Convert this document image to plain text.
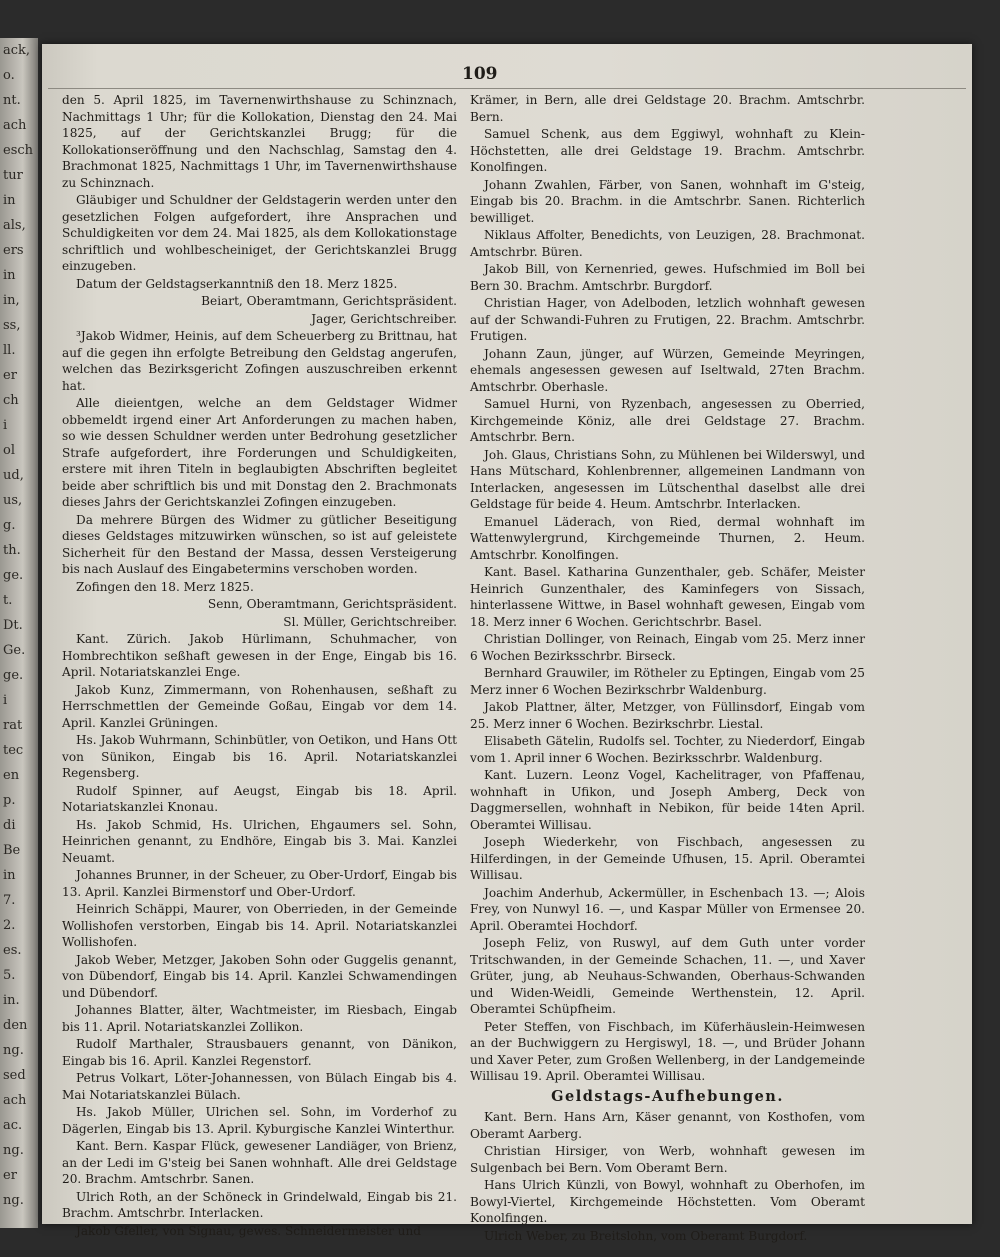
ack,
o.
nt.
ach
esch
tur
in
als,
ers
in
in,
ss,
ll.
er
ch
i
ol
ud,
us,
g.
th.
ge.
t.
Dt.
Ge.
ge.
i
rat
tec
en
p.
di
Be
in
7.
2.
es.
5.
in.
den
ng.
sed
ach
ac.
ng.
er
ng.
109

den 5. April 1825, im Tavernenwirthshause zu Schinznach, Nachmittags 1 Uhr; für die Kollokation, Dienstag den 24. Mai 1825, auf der Gerichtskanzlei Brugg; für die Kollokationseröffnung und den Nachschlag, Samstag den 4. Brachmonat 1825, Nachmittags 1 Uhr, im Tavernenwirthshause zu Schinznach.

Gläubiger und Schuldner der Geldstagerin werden unter den gesetzlichen Folgen aufgefordert, ihre Ansprachen und Schuldigkeiten vor dem 24. Mai 1825, als dem Kollokationstage schriftlich und wohlbescheiniget, der Gerichtskanzlei Brugg einzugeben.

Datum der Geldstagserkanntniß den 18. Merz 1825.

Beiart, Oberamtmann, Gerichtspräsident.

Jager, Gerichtschreiber.

³Jakob Widmer, Heinis, auf dem Scheuerberg zu Brittnau, hat auf die gegen ihn erfolgte Betreibung den Geldstag angerufen, welchen das Bezirksgericht Zofingen auszuschreiben erkennt hat.

Alle dieientgen, welche an dem Geldstager Widmer obbemeldt irgend einer Art Anforderungen zu machen haben, so wie dessen Schuldner werden unter Bedrohung gesetzlicher Strafe aufgefordert, ihre Forderungen und Schuldigkeiten, erstere mit ihren Titeln in beglaubigten Abschriften begleitet beide aber schriftlich bis und mit Donstag den 2. Brachmonats dieses Jahrs der Gerichtskanzlei Zofingen einzugeben.

Da mehrere Bürgen des Widmer zu gütlicher Beseitigung dieses Geldstages mitzuwirken wünschen, so ist auf geleistete Sicherheit für den Bestand der Massa, dessen Versteigerung bis nach Auslauf des Eingabetermins verschoben worden.

Zofingen den 18. Merz 1825.

Senn, Oberamtmann, Gerichtspräsident.

Sl. Müller, Gerichtschreiber.

Kant. Zürich. Jakob Hürlimann, Schuhmacher, von Hombrechtikon seßhaft gewesen in der Enge, Eingab bis 16. April. Notariatskanzlei Enge.

Jakob Kunz, Zimmermann, von Rohenhausen, seßhaft zu Herrschmettlen der Gemeinde Goßau, Eingab vor dem 14. April. Kanzlei Grüningen.

Hs. Jakob Wuhrmann, Schinbütler, von Oetikon, und Hans Ott von Sünikon, Eingab bis 16. April. Notariatskanzlei Regensberg.

Rudolf Spinner, auf Aeugst, Eingab bis 18. April. Notariatskanzlei Knonau.

Hs. Jakob Schmid, Hs. Ulrichen, Ehgaumers sel. Sohn, Heinrichen genannt, zu Endhöre, Eingab bis 3. Mai. Kanzlei Neuamt.

Johannes Brunner, in der Scheuer, zu Ober-Urdorf, Eingab bis 13. April. Kanzlei Birmenstorf und Ober-Urdorf.

Heinrich Schäppi, Maurer, von Oberrieden, in der Gemeinde Wollishofen verstorben, Eingab bis 14. April. Notariatskanzlei Wollishofen.

Jakob Weber, Metzger, Jakoben Sohn oder Guggelis genannt, von Dübendorf, Eingab bis 14. April. Kanzlei Schwamendingen und Dübendorf.

Johannes Blatter, älter, Wachtmeister, im Riesbach, Eingab bis 11. April. Notariatskanzlei Zollikon.

Rudolf Marthaler, Strausbauers genannt, von Dänikon, Eingab bis 16. April. Kanzlei Regenstorf.

Petrus Volkart, Löter-Johannessen, von Bülach Eingab bis 4. Mai Notariatskanzlei Bülach.

Hs. Jakob Müller, Ulrichen sel. Sohn, im Vorderhof zu Dägerlen, Eingab bis 13. April. Kyburgische Kanzlei Winterthur.

Kant. Bern. Kaspar Flück, gewesener Landiäger, von Brienz, an der Ledi im G'steig bei Sanen wohnhaft. Alle drei Geldstage 20. Brachm. Amtschrbr. Sanen.

Ulrich Roth, an der Schöneck in Grindelwald, Eingab bis 21. Brachm. Amtschrbr. Interlacken.

Jakob Gfeller, von Signau, gewes. Schneidermeister und

Krämer, in Bern, alle drei Geldstage 20. Brachm. Amtschrbr. Bern.

Samuel Schenk, aus dem Eggiwyl, wohnhaft zu Klein-Höchstetten, alle drei Geldstage 19. Brachm. Amtschrbr. Konolfingen.

Johann Zwahlen, Färber, von Sanen, wohnhaft im G'steig, Eingab bis 20. Brachm. in die Amtschrbr. Sanen. Richterlich bewilliget.

Niklaus Affolter, Benedichts, von Leuzigen, 28. Brachmonat. Amtschrbr. Büren.

Jakob Bill, von Kernenried, gewes. Hufschmied im Boll bei Bern 30. Brachm. Amtschrbr. Burgdorf.

Christian Hager, von Adelboden, letzlich wohnhaft gewesen auf der Schwandi-Fuhren zu Frutigen, 22. Brachm. Amtschrbr. Frutigen.

Johann Zaun, jünger, auf Würzen, Gemeinde Meyringen, ehemals angesessen gewesen auf Iseltwald, 27ten Brachm. Amtschrbr. Oberhasle.

Samuel Hurni, von Ryzenbach, angesessen zu Oberried, Kirchgemeinde Köniz, alle drei Geldstage 27. Brachm. Amtschrbr. Bern.

Joh. Glaus, Christians Sohn, zu Mühlenen bei Wilderswyl, und Hans Mütschard, Kohlenbrenner, allgemeinen Landmann von Interlacken, angesessen im Lütschenthal daselbst alle drei Geldstage für beide 4. Heum. Amtschrbr. Interlacken.

Emanuel Läderach, von Ried, dermal wohnhaft im Wattenwylergrund, Kirchgemeinde Thurnen, 2. Heum. Amtschrbr. Konolfingen.

Kant. Basel. Katharina Gunzenthaler, geb. Schäfer, Meister Heinrich Gunzenthaler, des Kaminfegers von Sissach, hinterlassene Wittwe, in Basel wohnhaft gewesen, Eingab vom 18. Merz inner 6 Wochen. Gerichtschrbr. Basel.

Christian Dollinger, von Reinach, Eingab vom 25. Merz inner 6 Wochen Bezirksschrbr. Birseck.

Bernhard Grauwiler, im Rötheler zu Eptingen, Eingab vom 25 Merz inner 6 Wochen Bezirkschrbr Waldenburg.

Jakob Plattner, älter, Metzger, von Füllinsdorf, Eingab vom 25. Merz inner 6 Wochen. Bezirkschrbr. Liestal.

Elisabeth Gätelin, Rudolfs sel. Tochter, zu Niederdorf, Eingab vom 1. April inner 6 Wochen. Bezirksschrbr. Waldenburg.

Kant. Luzern. Leonz Vogel, Kachelitrager, von Pfaffenau, wohnhaft in Ufikon, und Joseph Amberg, Deck von Daggmersellen, wohnhaft in Nebikon, für beide 14ten April. Oberamtei Willisau.

Joseph Wiederkehr, von Fischbach, angesessen zu Hilferdingen, in der Gemeinde Ufhusen, 15. April. Oberamtei Willisau.

Joachim Anderhub, Ackermüller, in Eschenbach 13. —; Alois Frey, von Nunwyl 16. —, und Kaspar Müller von Ermensee 20. April. Oberamtei Hochdorf.

Joseph Feliz, von Ruswyl, auf dem Guth unter vorder Tritschwanden, in der Gemeinde Schachen, 11. —, und Xaver Grüter, jung, ab Neuhaus-Schwanden, Oberhaus-Schwanden und Widen-Weidli, Gemeinde Werthenstein, 12. April. Oberamtei Schüpfheim.

Peter Steffen, von Fischbach, im Küferhäuslein-Heimwesen an der Buchwiggern zu Hergiswyl, 18. —, und Brüder Johann und Xaver Peter, zum Großen Wellenberg, in der Landgemeinde Willisau 19. April. Oberamtei Willisau.

Geldstags-Aufhebungen.

Kant. Bern. Hans Arn, Käser genannt, von Kosthofen, vom Oberamt Aarberg.

Christian Hirsiger, von Werb, wohnhaft gewesen im Sulgenbach bei Bern. Vom Oberamt Bern.

Hans Ulrich Künzli, von Bowyl, wohnhaft zu Oberhofen, im Bowyl-Viertel, Kirchgemeinde Höchstetten. Vom Oberamt Konolfingen.

Ulrich Weber, zu Breitslohn, vom Oberamt Burgdorf.
